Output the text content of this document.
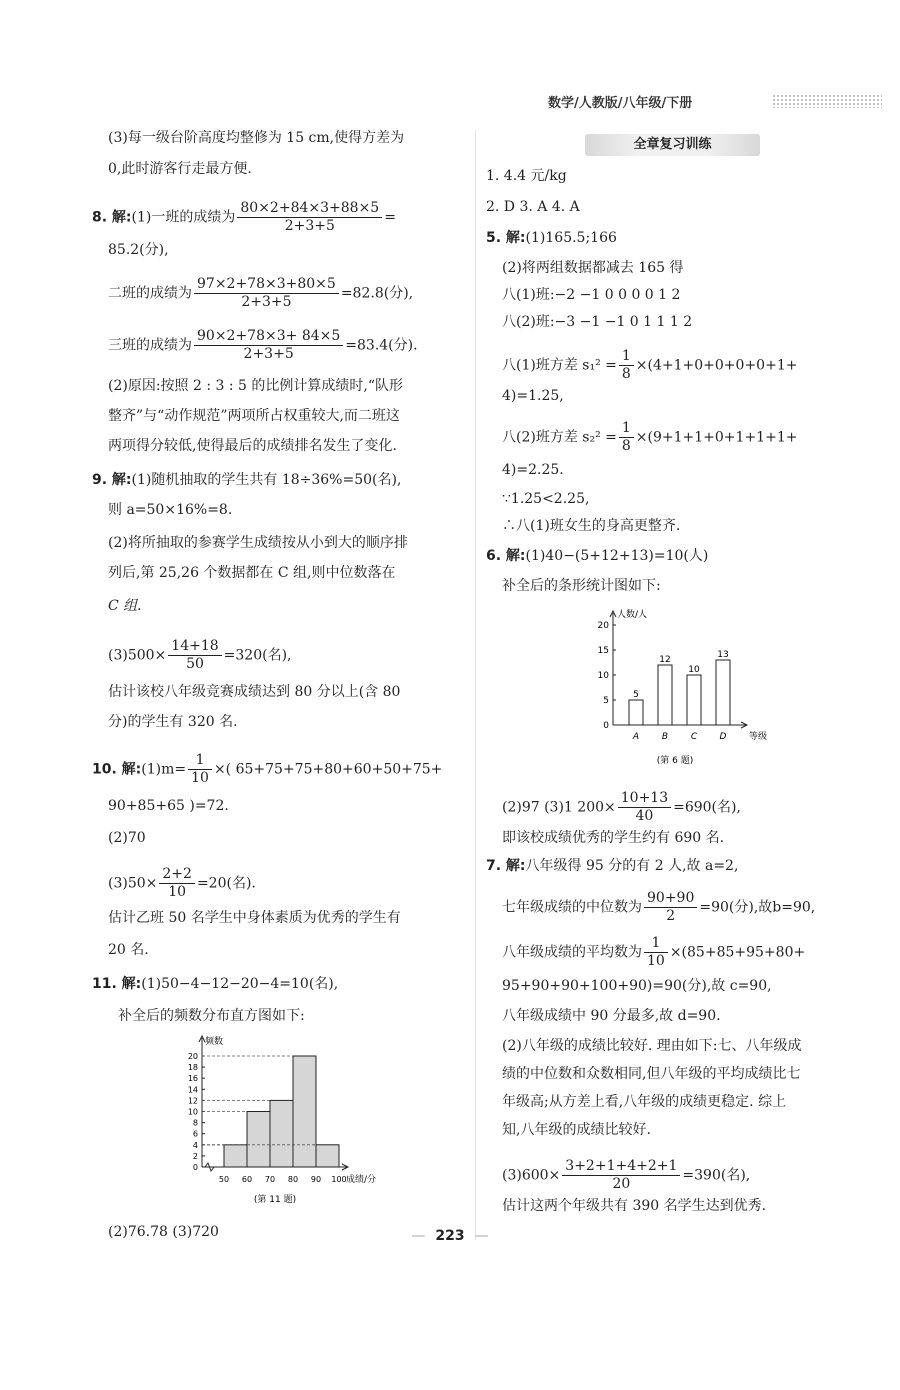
数学/人教版/八年级/下册
(3)每一级台阶高度均整修为 15 cm,使得方差为
0,此时游客行走最方便.
8. 解:(1)一班的成绩为 $\frac{80\times 2+84\times 3+88\times 5}{2+3+5}$ =
85.2(分),
二班的成绩为 $\frac{97\times 2+78\times 3+80\times 5}{2+3+5} =82.8$(分),
三班的成绩为 $\frac{90\times 2+78\times 3+ 84\times 5}{2+3+5} =83.4$(分).
(2)原因:按照 2 : 3 : 5 的比例计算成绩时,“队形
整齐”与“动作规范”两项所占权重较大,而二班这
两项得分较低,使得最后的成绩排名发生了变化.
9. 解:(1)随机抽取的学生共有 18÷36%=50(名),
则 a=50×16%=8.
(2)将所抽取的参赛学生成绩按从小到大的顺序排
列后,第 25,26 个数据都在 C 组,则中位数落在
C 组.
$(3)500\times \frac{14+18}{50} =320$(名),
估计该校八年级竞赛成绩达到 80 分以上(含 80
分)的学生有 320 名.
10. 解:(1)m= $\frac{1}{10}$ ×( 65+75+75+80+60+50+75+
90+85+65 )=72.
(2)70
$(3)50\times \frac{2+2}{10} =20$(名).
估计乙班 50 名学生中身体素质为优秀的学生有
20 名.
11. 解:(1)50−4−12−20−4=10(名),
补全后的频数分布直方图如下:
频数
成绩/分
0
2
4
6
8
10
12
14
16
18
20
50 60 70 80 90 100
(第 11 题)
(2)76.78 (3)720
全章复习训练
1. 4.4 元/kg
2. D 3. A 4. A
5. 解:(1)165.5;166
(2)将两组数据都减去 165 得
八(1)班:−2 −1 0 0 0 0 1 2
八(2)班:−3 −1 −1 0 1 1 1 2
八(1)班方差 $s_1^2 = \frac{1}{8} \times(4+1+0+0+0+0+1+$
4)=1.25,
八(2)班方差 $s_2^2 = \frac{1}{8} \times(9+1+1+0+1+1+1+$
4)=2.25.
∵1.25<2.25,
∴八(1)班女生的身高更整齐.
6. 解:(1)40−(5+12+13)=10(人)
补全后的条形统计图如下:
人数/人
等级
0
5
10
15
20
5
A
12
B
10
C
13
D
(第 6 题)
(2)97 (3)1 $200\times \frac{10+13}{40} =690$(名),
即该校成绩优秀的学生约有 690 名.
7. 解:八年级得 95 分的有 2 人,故 a=2,
七年级成绩的中位数为 $\frac{90+90}{2} =90$(分),故b=90,
八年级成绩的平均数为 $\frac{1}{10} \times(85+85+95+80+$
95+90+90+100+90)=90(分),故 c=90,
八年级成绩中 90 分最多,故 d=90.
(2)八年级的成绩比较好. 理由如下:七、八年级成
绩的中位数和众数相同,但八年级的平均成绩比七
年级高;从方差上看,八年级的成绩更稳定. 综上
知,八年级的成绩比较好.
$(3)600\times \frac{3+2+1+4+2+1}{20} =390$(名),
估计这两个年级共有 390 名学生达到优秀.
— 223 —
